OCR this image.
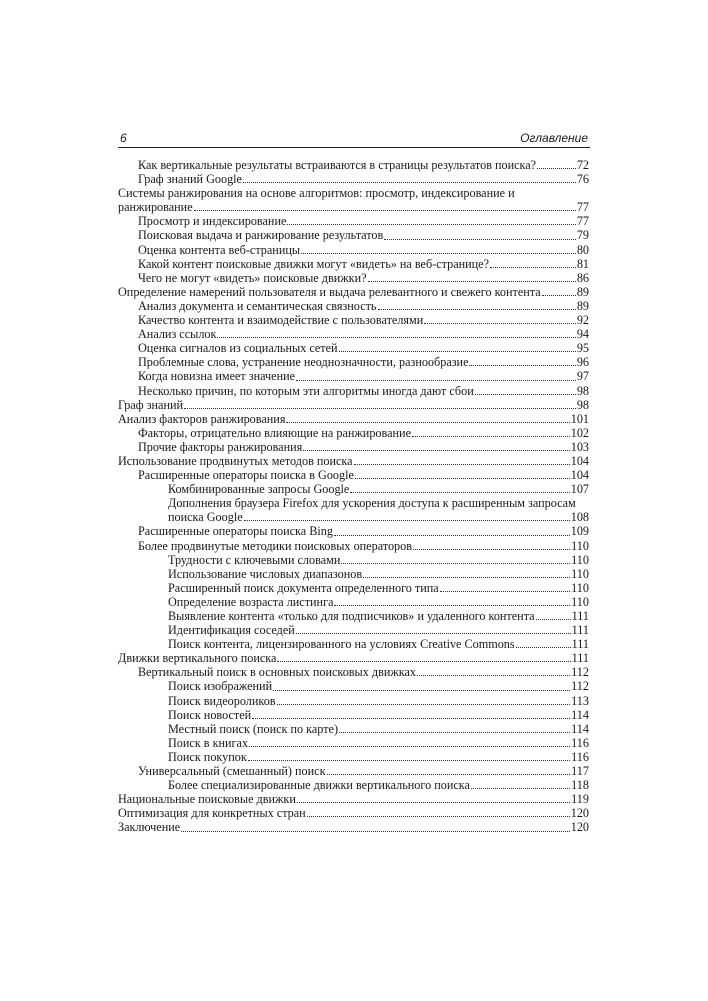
6	Оглавление
Как вертикальные результаты встраиваются в страницы результатов поиска?	72
Граф знаний Google	76
Системы ранжирования на основе алгоритмов: просмотр, индексирование и
ранжирование	77
Просмотр и индексирование	77
Поисковая выдача и ранжирование результатов	79
Оценка контента веб-страницы	80
Какой контент поисковые движки могут «видеть» на веб-странице?	81
Чего не могут «видеть» поисковые движки?	86
Определение намерений пользователя и выдача релевантного и свежего контента	89
Анализ документа и семантическая связность	89
Качество контента и взаимодействие с пользователями	92
Анализ ссылок	94
Оценка сигналов из социальных сетей	95
Проблемные слова, устранение неоднозначности, разнообразие	96
Когда новизна имеет значение	97
Несколько причин, по которым эти алгоритмы иногда дают сбои	98
Граф знаний	98
Анализ факторов ранжирования	101
Факторы, отрицательно влияющие на ранжирование	102
Прочие факторы ранжирования	103
Использование продвинутых методов поиска	104
Расширенные операторы поиска в Google	104
Комбинированные запросы Google	107
Дополнения браузера Firefox для ускорения доступа к расширенным запросам
поиска Google	108
Расширенные операторы поиска Bing	109
Более продвинутые методики поисковых операторов	110
Трудности с ключевыми словами	110
Использование числовых диапазонов	110
Расширенный поиск документа определенного типа	110
Определение возраста листинга	110
Выявление контента «только для подписчиков» и удаленного контента	111
Идентификация соседей	111
Поиск контента, лицензированного на условиях Creative Commons	111
Движки вертикального поиска	111
Вертикальный поиск в основных поисковых движках	112
Поиск изображений	112
Поиск видеороликов	113
Поиск новостей	114
Местный поиск (поиск по карте)	114
Поиск в книгах	116
Поиск покупок	116
Универсальный (смешанный) поиск	117
Более специализированные движки вертикального поиска	118
Национальные поисковые движки	119
Оптимизация для конкретных стран	120
Заключение	120
